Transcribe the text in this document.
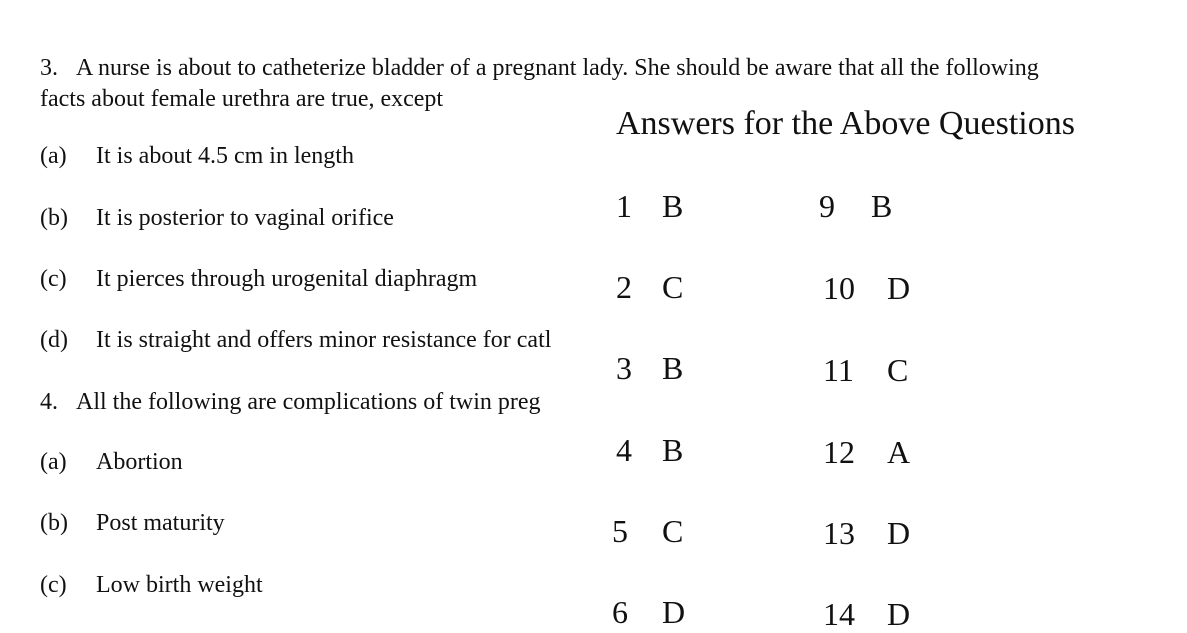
3. A nurse is about to catheterize bladder of a pregnant lady. She should be aware that all the following facts about female urethra are true, except
(a) It is about 4.5 cm in length
(b) It is posterior to vaginal orifice
(c) It pierces through urogenital diaphragm
(d) It is straight and offers minor resistance for catl
4. All the following are complications of twin preg
(a) Abortion
(b) Post maturity
(c) Low birth weight
Answers for the Above Questions
1 B
2 C
3 B
4 B
5 C
6 D
9 B
10 D
11 C
12 A
13 D
14 D
